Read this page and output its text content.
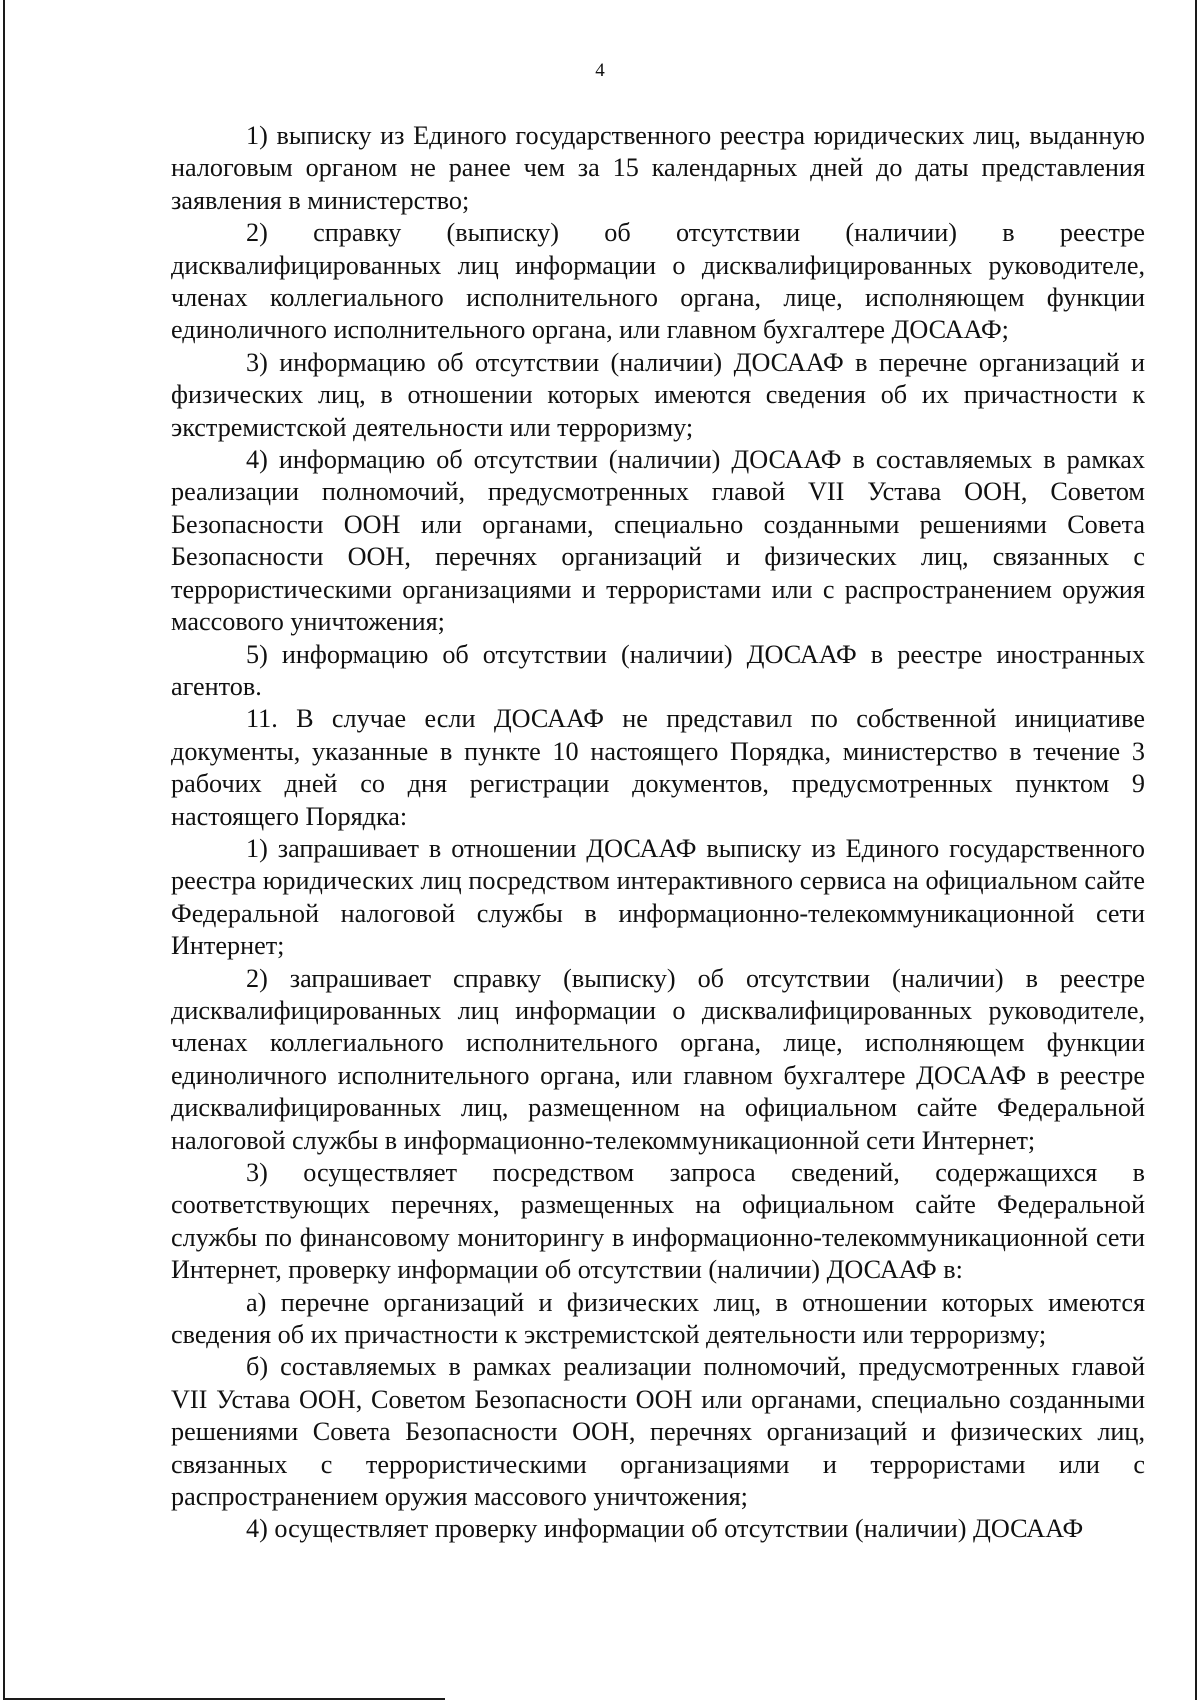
4

1) выписку из Единого государственного реестра юридических лиц, выданную налоговым органом не ранее чем за 15 календарных дней до даты представления заявления в министерство;

2) справку (выписку) об отсутствии (наличии) в реестре дисквалифицированных лиц информации о дисквалифицированных руководителе, членах коллегиального исполнительного органа, лице, исполняющем функции единоличного исполнительного органа, или главном бухгалтере ДОСААФ;

3) информацию об отсутствии (наличии) ДОСААФ в перечне организаций и физических лиц, в отношении которых имеются сведения об их причастности к экстремистской деятельности или терроризму;

4) информацию об отсутствии (наличии) ДОСААФ в составляемых в рамках реализации полномочий, предусмотренных главой VII Устава ООН, Советом Безопасности ООН или органами, специально созданными решениями Совета Безопасности ООН, перечнях организаций и физических лиц, связанных с террористическими организациями и террористами или с распространением оружия массового уничтожения;

5) информацию об отсутствии (наличии) ДОСААФ в реестре иностранных агентов.

11. В случае если ДОСААФ не представил по собственной инициативе документы, указанные в пункте 10 настоящего Порядка, министерство в течение 3 рабочих дней со дня регистрации документов, предусмотренных пунктом 9 настоящего Порядка:

1) запрашивает в отношении ДОСААФ выписку из Единого государственного реестра юридических лиц посредством интерактивного сервиса на официальном сайте Федеральной налоговой службы в информационно-телекоммуникационной сети Интернет;

2) запрашивает справку (выписку) об отсутствии (наличии) в реестре дисквалифицированных лиц информации о дисквалифицированных руководителе, членах коллегиального исполнительного органа, лице, исполняющем функции единоличного исполнительного органа, или главном бухгалтере ДОСААФ в реестре дисквалифицированных лиц, размещенном на официальном сайте Федеральной налоговой службы в информационно-телекоммуникационной сети Интернет;

3) осуществляет посредством запроса сведений, содержащихся в соответствующих перечнях, размещенных на официальном сайте Федеральной службы по финансовому мониторингу в информационно-телекоммуникационной сети Интернет, проверку информации об отсутствии (наличии) ДОСААФ в:

а) перечне организаций и физических лиц, в отношении которых имеются сведения об их причастности к экстремистской деятельности или терроризму;

б) составляемых в рамках реализации полномочий, предусмотренных главой VII Устава ООН, Советом Безопасности ООН или органами, специально созданными решениями Совета Безопасности ООН, перечнях организаций и физических лиц, связанных с террористическими организациями и террористами или с распространением оружия массового уничтожения;

4) осуществляет проверку информации об отсутствии (наличии) ДОСААФ
